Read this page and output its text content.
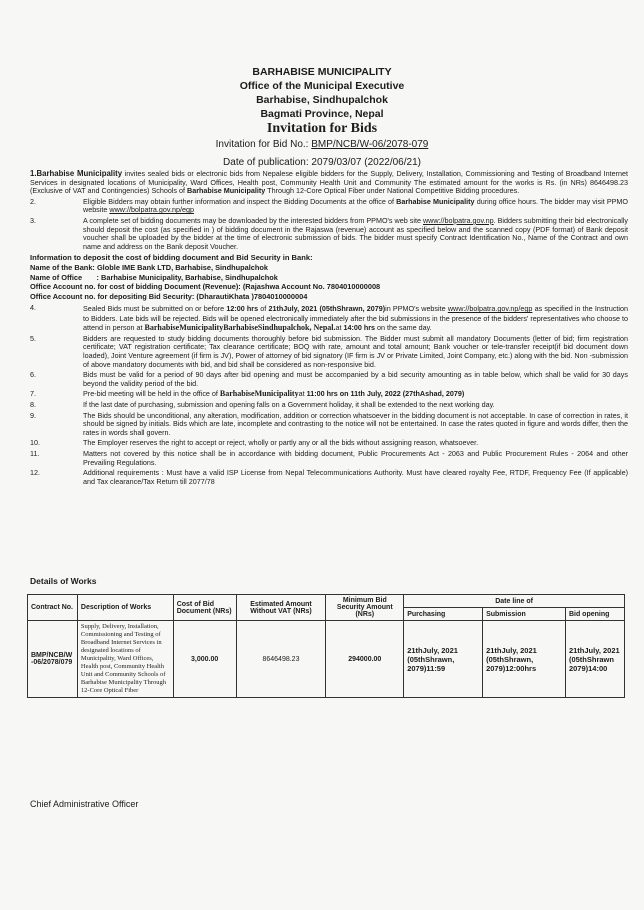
BARHABISE MUNICIPALITY
Office of the Municipal Executive
Barhabise, Sindhupalchok
Bagmati Province, Nepal
Invitation for Bids
Invitation for Bid No.: BMP/NCB/W-06/2078-079
Date of publication: 2079/03/07 (2022/06/21)
1.Barhabise Municipality invites sealed bids or electronic bids from Nepalese eligible bidders for the Supply, Delivery, Installation, Commissioning and Testing of Broadband Internet Services in designated locations of Municipality, Ward Offices, Health post, Community Health Unit and Community The estimated amount for the works is Rs. (in NRs) 8646498.23 (Exclusive of VAT and Contingencies) Schools of Barhabise Municipality Through 12-Core Optical Fiber under National Competitive Bidding procedures.
2.	Eligible Bidders may obtain further information and inspect the Bidding Documents at the office of Barhabise Municipality during office hours. The bidder may visit PPMO website www://bolpatra.gov.np/egp
3.	A complete set of bidding documents may be downloaded by the interested bidders from PPMO's web site www://bolpatra.gov.np. Bidders submitting their bid electronically should deposit the cost (as specified in ) of bidding document in the Rajaswa (revenue) account as specified below and the scanned copy (PDF format) of Bank deposit voucher shall be uploaded by the bidder at the time of electronic submission of bids. The bidder must specify Contract Identification No., Name of the Contract and own name and address on the Bank deposit Voucher.
Information to deposit the cost of bidding document and Bid Security in Bank:
Name of the Bank: Globle IME Bank LTD, Barhabise, Sindhupalchok
Name of Office       : Barhabise Municipality, Barhabise, Sindhupalchok
Office Account no. for cost of bidding Document (Revenue): (Rajashwa Account No. 7804010000008
Office Account no. for depositing Bid Security: (DharautiKhata )7804010000004
4.	Sealed Bids must be submitted on or before 12:00 hrs of 21thJuly, 2021 (05thShrawn, 2079)in PPMO's website www://bolpatra.gov.np/egp as specified in the Instruction to Bidders. Late bids will be rejected. Bids will be opened electronically immediately after the bid submissions in the presence of the bidders' representatives who choose to attend in person at BarhabiseMunicipalityBarhabiseSindhupalchok, Nepal.at 14:00 hrs on the same day.
5.	Bidders are requested to study bidding documents thoroughly before bid submission. The Bidder must submit all mandatory Documents (letter of bid; firm registration certificate; VAT registration certificate; Tax clearance certificate; BOQ with rate, amount and total amount; Bank voucher or tele-transfer receipt(if bid document down loaded), Joint Venture agreement (if firm is JV), Power of attorney of bid signatory (IF firm is JV or Private Limited, Joint Company, etc.) along with the bid. Non -submission of above mandatory documents with bid, and bid shall be considered as non-responsive bid.
6.	Bids must be valid for a period of 90 days after bid opening and must be accompanied by a bid security amounting as in table below, which shall be valid for 30 days beyond the validity period of the bid.
7.	Pre-bid meeting will be held in the office of BarhabiseMunicipalityat 11:00 hrs on 11th July, 2022 (27thAshad, 2079)
8.	If the last date of purchasing, submission and opening falls on a Government holiday, it shall be extended to the next working day.
9.	The Bids should be unconditional, any alteration, modification, addition or correction whatsoever in the bidding document is not acceptable. In case of correction in rates, it should be signed by initials. Bids which are late, incomplete and contrasting to the notice will not be entertained. In case the rates quoted in figure and words differ, then the rates in words shall govern.
10.	The Employer reserves the right to accept or reject, wholly or partly any or all the bids without assigning reason, whatsoever.
11.	Matters not covered by this notice shall be in accordance with bidding document, Public Procurements Act - 2063 and Public Procurement Rules - 2064 and other Prevailing Regulations.
12.	Additional requirements : Must have a valid ISP License from Nepal Telecommunications Authority. Must have cleared royalty Fee, RTDF, Frequency Fee (If applicable) and Tax clearance/Tax Return till 2077/78
Details of Works
Contract No.	Description of Works	Cost of Bid Document (NRs)	Estimated Amount Without VAT (NRs)	Minimum Bid Security Amount (NRs)	Date line of		
					Purchasing	Submission	Bid opening
BMP/NCB/W-06/2078/079	Supply, Delivery, Installation, Commissioning and Testing of Broadband Internet Services in designated locations of Municipality, Ward Offices, Health post, Community Health Unit and Community Schools of Barhabise Municipality Through 12-Core Optical Fiber	3,000.00	8646498.23	294000.00	21thJuly, 2021 (05thShrawn, 2079)11:59	21thJuly, 2021 (05thShrawn, 2079)12:00hrs	21thJuly, 2021 (05thShrawn 2079)14:00
Chief Administrative Officer
